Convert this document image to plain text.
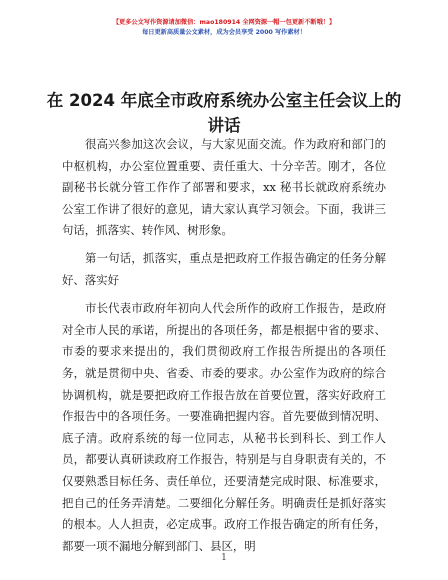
【更多公文写作资源请加微信：mao180914 全网资源一帽一包更新不断哦！】
每日更新高质量公文素材，成为会员享受 2000 写作素材！
在 2024 年底全市政府系统办公室主任会议上的讲话

很高兴参加这次会议，与大家见面交流。作为政府和部门的中枢机构，办公室位置重要、责任重大、十分辛苦。刚才，各位副秘书长就分管工作作了部署和要求，xx 秘书长就政府系统办公室工作讲了很好的意见，请大家认真学习领会。下面，我讲三句话，抓落实、转作风、树形象。

第一句话，抓落实，重点是把政府工作报告确定的任务分解好、落实好

市长代表市政府年初向人代会所作的政府工作报告，是政府对全市人民的承诺，所提出的各项任务，都是根据中省的要求、市委的要求来提出的，我们贯彻政府工作报告所提出的各项任务，就是贯彻中央、省委、市委的要求。办公室作为政府的综合协调机构，就是要把政府工作报告放在首要位置，落实好政府工作报告中的各项任务。一要准确把握内容。首先要做到情况明、底子清。政府系统的每一位同志，从秘书长到科长、到工作人员，都要认真研读政府工作报告，特别是与自身职责有关的，不仅要熟悉目标任务、责任单位，还要清楚完成时限、标准要求，把自己的任务弄清楚。二要细化分解任务。明确责任是抓好落实的根本。人人担责，必定成事。政府工作报告确定的所有任务，都要一项不漏地分解到部门、县区，明

1
